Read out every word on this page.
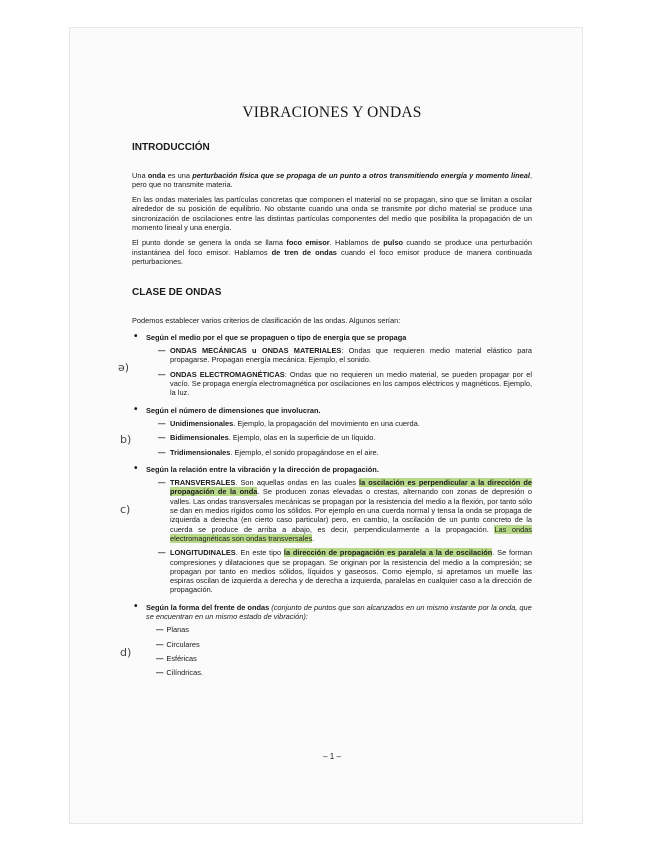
ə)
b)
c)
d)
VIBRACIONES Y ONDAS
INTRODUCCIÓN

Una onda es una perturbación física que se propaga de un punto a otros transmitiendo energía y momento lineal, pero que no transmite materia.

En las ondas materiales las partículas concretas que componen el material no se propagan, sino que se limitan a oscilar alrededor de su posición de equilibrio. No obstante cuando una onda se transmite por dicho material se produce una sincronización de oscilaciones entre las distintas partículas componentes del medio que posibilita la propagación de un momento lineal y una energía.

El punto donde se genera la onda se llama foco emisor. Hablamos de pulso cuando se produce una perturbación instantánea del foco emisor. Hablamos de tren de ondas cuando el foco emisor produce de manera continuada perturbaciones.

CLASE DE ONDAS

Podemos establecer varios criterios de clasificación de las ondas. Algunos serían:

• Según el medio por el que se propaguen o tipo de energía que se propaga
— ONDAS MECÁNICAS u ONDAS MATERIALES: Ondas que requieren medio material elástico para propagarse. Propagan energía mecánica. Ejemplo, el sonido.
— ONDAS ELECTROMAGNÉTICAS: Ondas que no requieren un medio material, se pueden propagar por el vacío. Se propaga energía electromagnética por oscilaciones en los campos eléctricos y magnéticos. Ejemplo, la luz.
• Según el número de dimensiones que involucran.
— Unidimensionales. Ejemplo, la propagación del movimiento en una cuerda.
— Bidimensionales. Ejemplo, olas en la superficie de un líquido.
— Tridimensionales. Ejemplo, el sonido propagándose en el aire.
• Según la relación entre la vibración y la dirección de propagación.
— TRANSVERSALES. Son aquellas ondas en las cuales la oscilación es perpendicular a la dirección de propagación de la onda. Se producen zonas elevadas o crestas, alternando con zonas de depresión o valles. Las ondas transversales mecánicas se propagan por la resistencia del medio a la flexión, por tanto sólo se dan en medios rígidos como los sólidos. Por ejemplo en una cuerda normal y tensa la onda se propaga de izquierda a derecha (en cierto caso particular) pero, en cambio, la oscilación de un punto concreto de la cuerda se produce de arriba a abajo, es decir, perpendicularmente a la propagación. Las ondas electromagnéticas son ondas transversales.
— LONGITUDINALES. En este tipo la dirección de propagación es paralela a la de oscilación. Se forman compresiones y dilataciones que se propagan. Se originan por la resistencia del medio a la compresión; se propagan por tanto en medios sólidos, líquidos y gaseosos. Como ejemplo, si apretamos un muelle las espiras oscilan de izquierda a derecha y de derecha a izquierda, paralelas en cualquier caso a la dirección de propagación.
• Según la forma del frente de ondas (conjunto de puntos que son alcanzados en un mismo instante por la onda, que se encuentran en un mismo estado de vibración):
— Planas
— Circulares
— Esféricas
— Cilíndricas.
– 1 –
